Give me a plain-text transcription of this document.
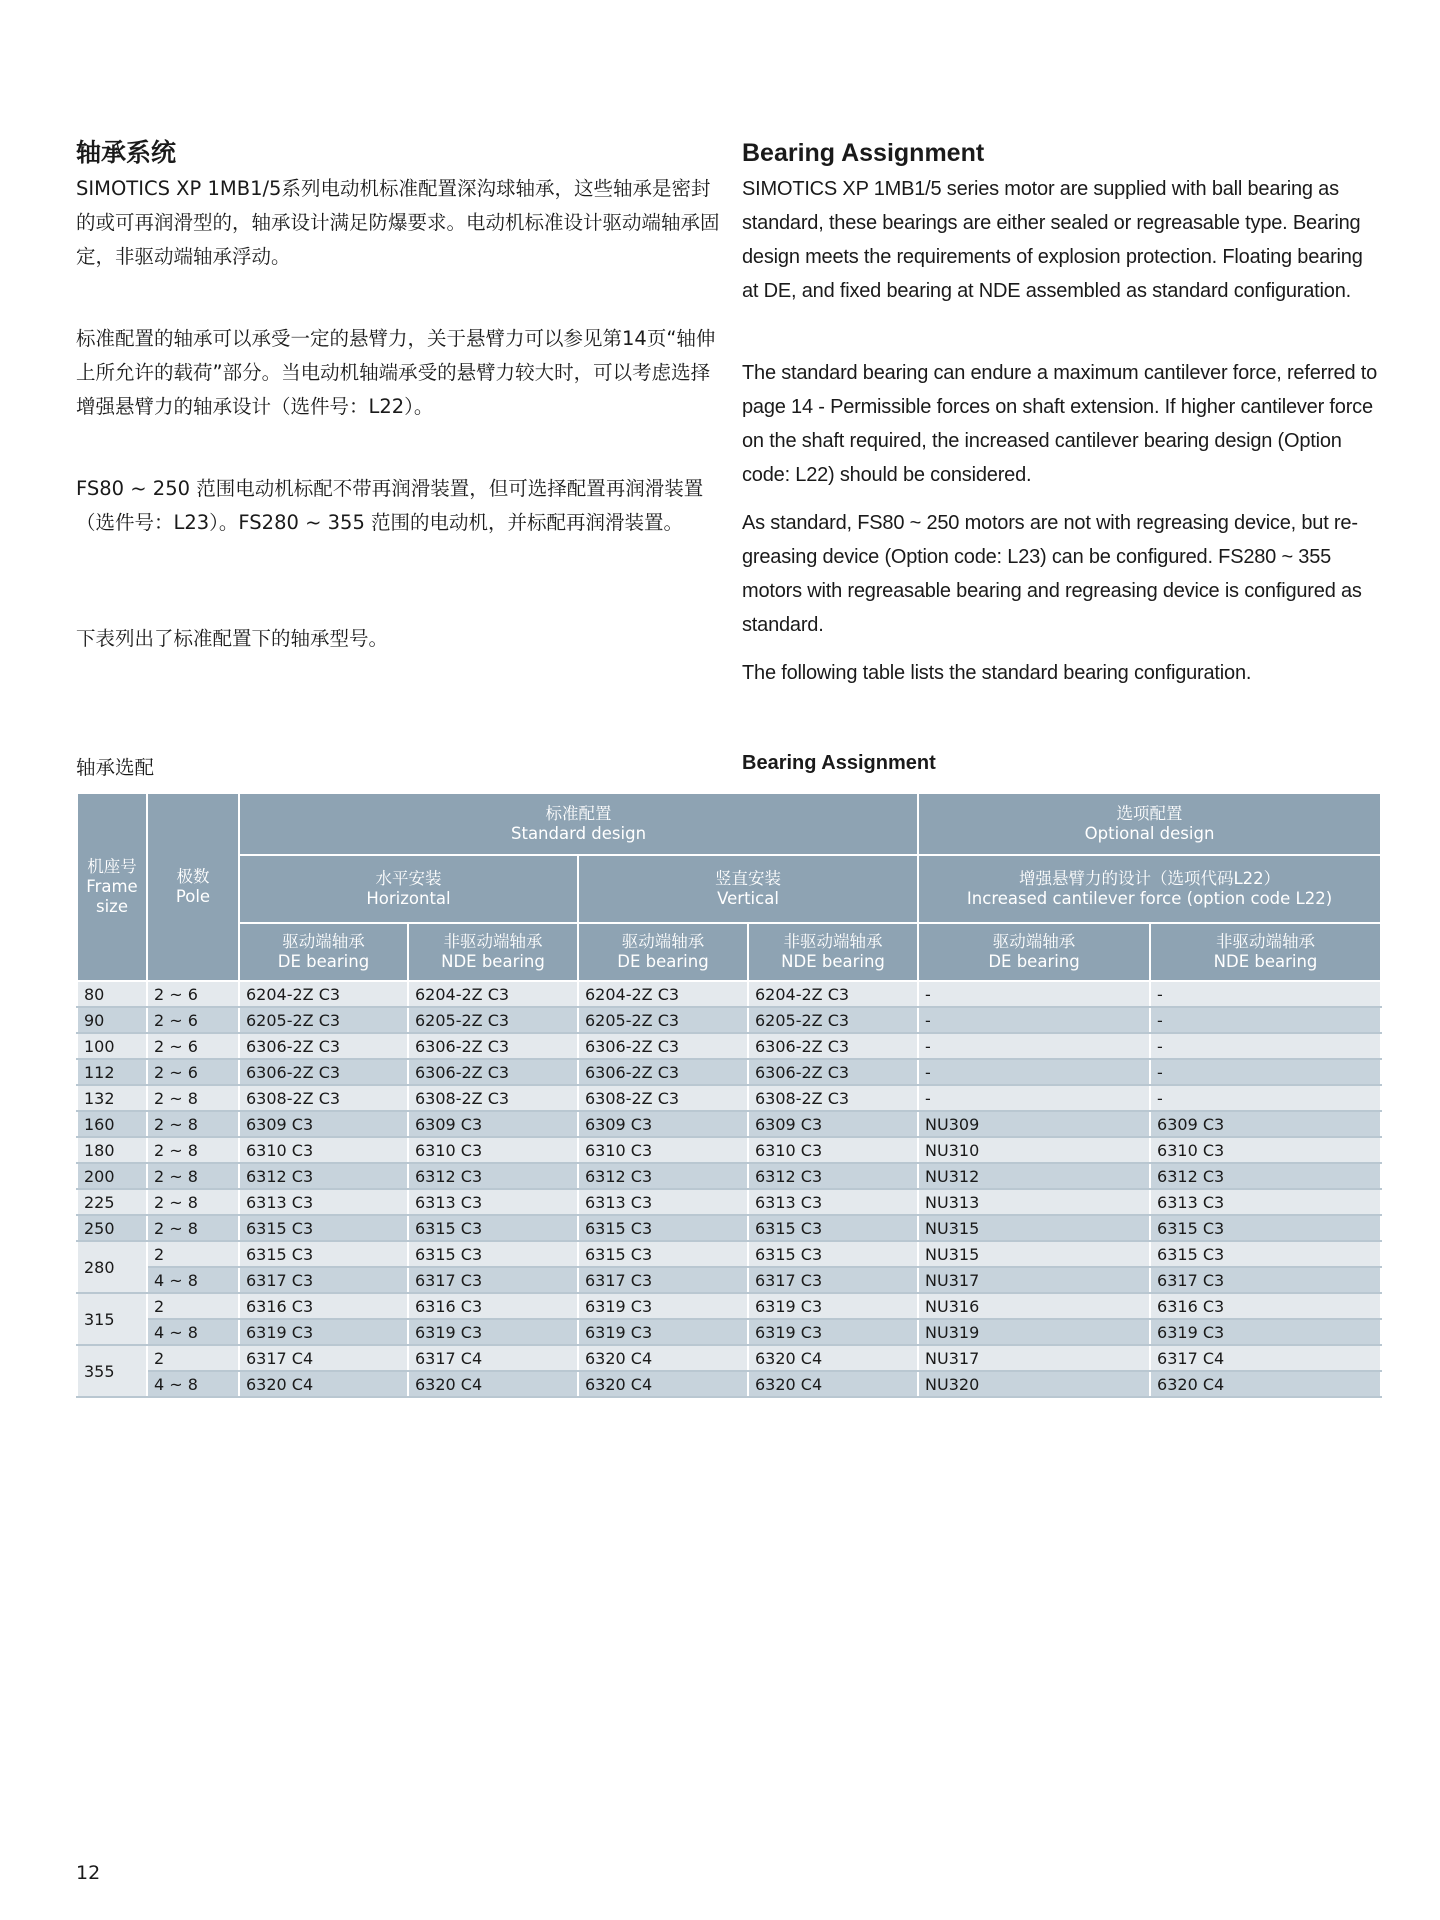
轴承系统

SIMOTICS XP 1MB1/5系列电动机标准配置深沟球轴承，这些轴承是密封的或可再润滑型的，轴承设计满足防爆要求。电动机标准设计驱动端轴承固定，非驱动端轴承浮动。

标准配置的轴承可以承受一定的悬臂力，关于悬臂力可以参见第14页“轴伸上所允许的载荷”部分。当电动机轴端承受的悬臂力较大时，可以考虑选择增强悬臂力的轴承设计（选件号：L22）。

FS80 ~ 250 范围电动机标配不带再润滑装置，但可选择配置再润滑装置（选件号：L23）。FS280 ~ 355 范围的电动机，并标配再润滑装置。

下表列出了标准配置下的轴承型号。

Bearing Assignment

SIMOTICS XP 1MB1/5 series motor are supplied with ball bearing as standard, these bearings are either sealed or regreasable type. Bearing design meets the requirements of explosion protection. Floating bearing at DE, and fixed bearing at NDE assembled as standard configuration.

The standard bearing can endure a maximum cantilever force, referred to page 14 - Permissible forces on shaft extension. If higher cantilever force on the shaft required, the increased cantilever bearing design (Option code: L22) should be considered.

As standard, FS80 ~ 250 motors are not with regreasing device, but re-greasing device (Option code: L23) can be configured. FS280 ~ 355 motors with regreasable bearing and regreasing device is configured as standard.

The following table lists the standard bearing configuration.

轴承选配	Bearing Assignment
机座号
Frame
size	极数
Pole	标准配置
Standard design				选项配置
Optional design	
		水平安装
Horizontal		竖直安装
Vertical		增强悬臂力的设计（选项代码L22）
Increased cantilever force (option code L22)	
		驱动端轴承
DE bearing	非驱动端轴承
NDE bearing	驱动端轴承
DE bearing	非驱动端轴承
NDE bearing	驱动端轴承
DE bearing	非驱动端轴承
NDE bearing
80	2 ~ 6	6204-2Z C3	6204-2Z C3	6204-2Z C3	6204-2Z C3	-	-
90	2 ~ 6	6205-2Z C3	6205-2Z C3	6205-2Z C3	6205-2Z C3	-	-
100	2 ~ 6	6306-2Z C3	6306-2Z C3	6306-2Z C3	6306-2Z C3	-	-
112	2 ~ 6	6306-2Z C3	6306-2Z C3	6306-2Z C3	6306-2Z C3	-	-
132	2 ~ 8	6308-2Z C3	6308-2Z C3	6308-2Z C3	6308-2Z C3	-	-
160	2 ~ 8	6309 C3	6309 C3	6309 C3	6309 C3	NU309	6309 C3
180	2 ~ 8	6310 C3	6310 C3	6310 C3	6310 C3	NU310	6310 C3
200	2 ~ 8	6312 C3	6312 C3	6312 C3	6312 C3	NU312	6312 C3
225	2 ~ 8	6313 C3	6313 C3	6313 C3	6313 C3	NU313	6313 C3
250	2 ~ 8	6315 C3	6315 C3	6315 C3	6315 C3	NU315	6315 C3
280	2	6315 C3	6315 C3	6315 C3	6315 C3	NU315	6315 C3
	4 ~ 8	6317 C3	6317 C3	6317 C3	6317 C3	NU317	6317 C3
315	2	6316 C3	6316 C3	6319 C3	6319 C3	NU316	6316 C3
	4 ~ 8	6319 C3	6319 C3	6319 C3	6319 C3	NU319	6319 C3
355	2	6317 C4	6317 C4	6320 C4	6320 C4	NU317	6317 C4
	4 ~ 8	6320 C4	6320 C4	6320 C4	6320 C4	NU320	6320 C4
12
